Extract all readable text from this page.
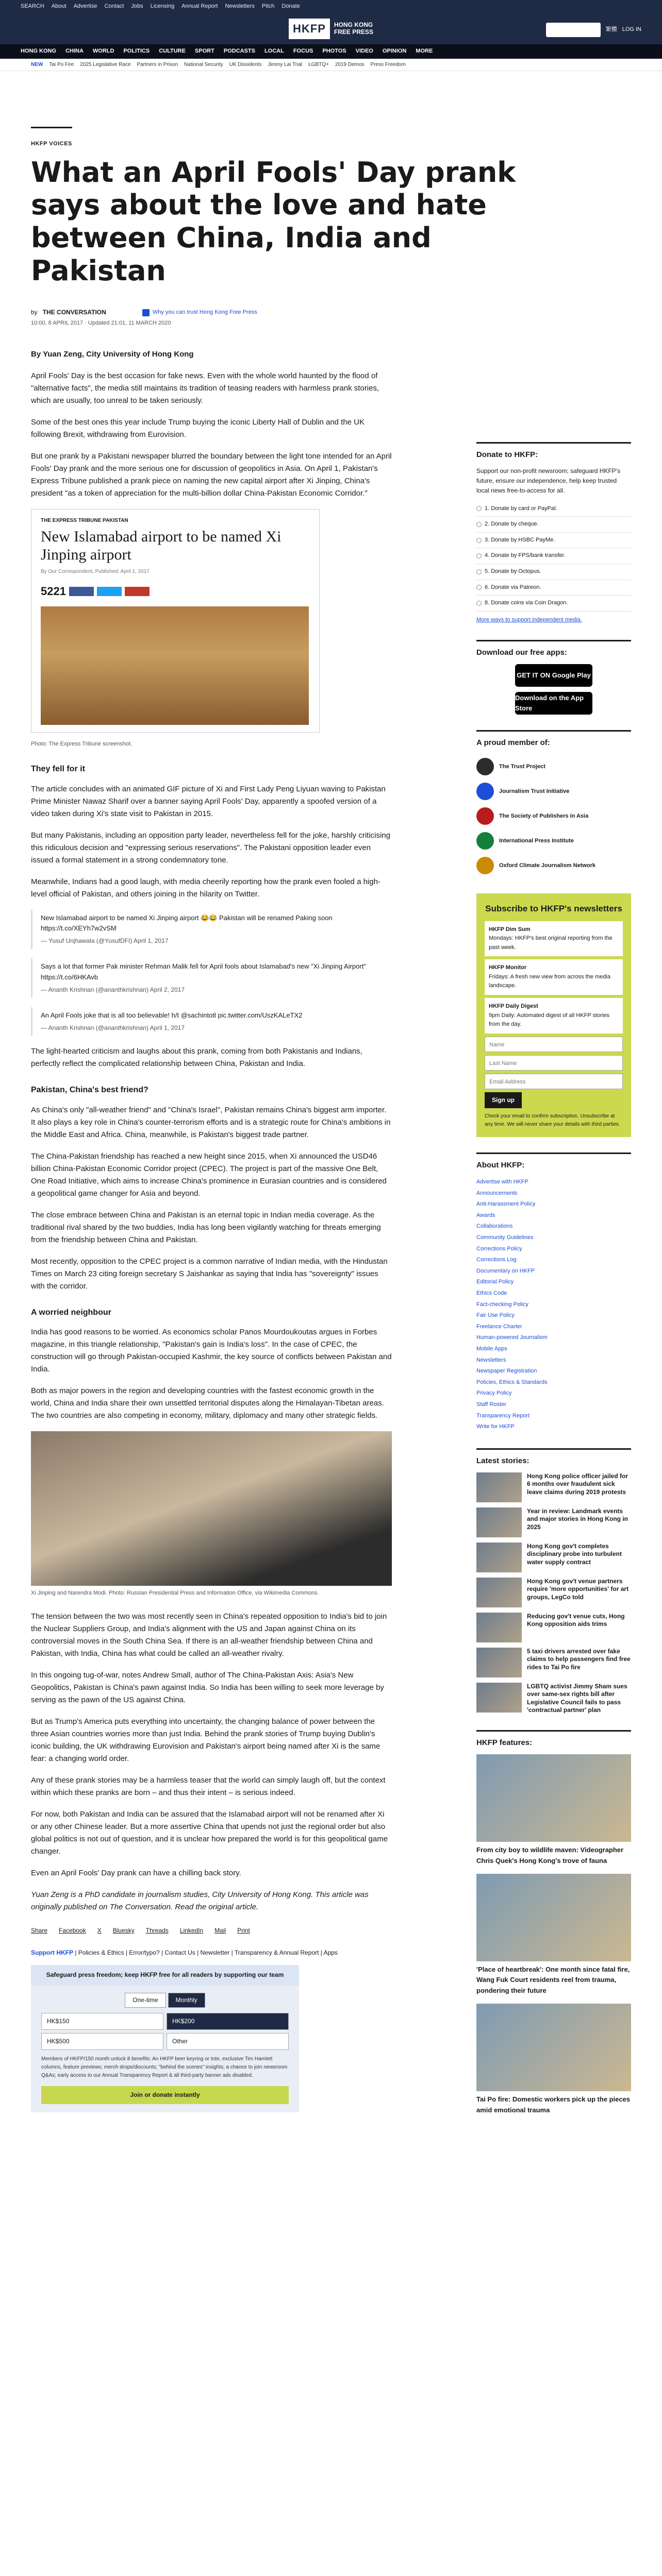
SEARCH About Advertise Contact Jobs Licensing Annual Report Newsletters Pitch Donate
HKFP	HONG KONG
FREE PRESS	SUPPORT HKFP	繁體 LOG IN
HONG KONG CHINA WORLD POLITICS CULTURE SPORT PODCASTS LOCAL FOCUS PHOTOS VIDEO OPINION MORE
NEW Tai Po Fire 2025 Legislative Race Partners in Prison National Security UK Dissidents Jimmy Lai Trial LGBTQ+ 2019 Demos Press Freedom
HKFP VOICES
What an April Fools' Day prank says about the love and hate between China, India and Pakistan
by THE CONVERSATION	Why you can trust Hong Kong Free Press
10:00, 8 APRIL 2017 · Updated 21:01, 11 MARCH 2020

By Yuan Zeng, City University of Hong Kong

April Fools' Day is the best occasion for fake news. Even with the whole world haunted by the flood of "alternative facts", the media still maintains its tradition of teasing readers with harmless prank stories, which are usually, too unreal to be taken seriously.

Some of the best ones this year include Trump buying the iconic Liberty Hall of Dublin and the UK following Brexit, withdrawing from Eurovision.

But one prank by a Pakistani newspaper blurred the boundary between the light tone intended for an April Fools' Day prank and the more serious one for discussion of geopolitics in Asia. On April 1, Pakistan's Express Tribune published a prank piece on naming the new capital airport after Xi Jinping, China's president "as a token of appreciation for the multi-billion dollar China-Pakistan Economic Corridor."

THE EXPRESS TRIBUNE PAKISTAN
New Islamabad airport to be named Xi Jinping airport
By Our Correspondent, Published: April 1, 2017
5221
Photo: The Express Tribune screenshot.
They fell for it

The article concludes with an animated GIF picture of Xi and First Lady Peng Liyuan waving to Pakistan Prime Minister Nawaz Sharif over a banner saying April Fools' Day, apparently a spoofed version of a video taken during Xi's state visit to Pakistan in 2015.

But many Pakistanis, including an opposition party leader, nevertheless fell for the joke, harshly criticising this ridiculous decision and "expressing serious reservations". The Pakistani opposition leader even issued a formal statement in a strong condemnatory tone.

Meanwhile, Indians had a good laugh, with media cheerily reporting how the prank even fooled a high-level official of Pakistan, and others joining in the hilarity on Twitter.

New Islamabad airport to be named Xi Jinping airport 😂😂 Pakistan will be renamed Paking soon https://t.co/XEYh7w2vSM
— Yusuf Unjhawala (@YusufDFI) April 1, 2017
Says a lot that former Pak minister Rehman Malik fell for April fools about Islamabad's new "Xi Jinping Airport" https://t.co/6HKAvb
— Ananth Krishnan (@ananthkrishnan) April 2, 2017
An April Fools joke that is all too believable! h/t @sachintotl pic.twitter.com/UszKALeTX2
— Ananth Krishnan (@ananthkrishnan) April 1, 2017

The light-hearted criticism and laughs about this prank, coming from both Pakistanis and Indians, perfectly reflect the complicated relationship between China, Pakistan and India.

Pakistan, China's best friend?

As China's only "all-weather friend" and "China's Israel", Pakistan remains China's biggest arm importer. It also plays a key role in China's counter-terrorism efforts and is a strategic route for China's ambitions in the Middle East and Africa. China, meanwhile, is Pakistan's biggest trade partner.

The China-Pakistan friendship has reached a new height since 2015, when Xi announced the USD46 billion China-Pakistan Economic Corridor project (CPEC). The project is part of the massive One Belt, One Road Initiative, which aims to increase China's prominence in Eurasian countries and is considered a geopolitical game changer for Asia and beyond.

The close embrace between China and Pakistan is an eternal topic in Indian media coverage. As the traditional rival shared by the two buddies, India has long been vigilantly watching for threats emerging from the friendship between China and Pakistan.

Most recently, opposition to the CPEC project is a common narrative of Indian media, with the Hindustan Times on March 23 citing foreign secretary S Jaishankar as saying that India has "sovereignty" issues with the corridor.

A worried neighbour

India has good reasons to be worried. As economics scholar Panos Mourdoukoutas argues in Forbes magazine, in this triangle relationship, "Pakistan's gain is India's loss". In the case of CPEC, the construction will go through Pakistan-occupied Kashmir, the key source of conflicts between Pakistan and India.

Both as major powers in the region and developing countries with the fastest economic growth in the world, China and India share their own unsettled territorial disputes along the Himalayan-Tibetan areas. The two countries are also competing in economy, military, diplomacy and many other strategic fields.

Xi Jinping and Narendra Modi. Photo: Russian Presidential Press and Information Office, via Wikimedia Commons.

The tension between the two was most recently seen in China's repeated opposition to India's bid to join the Nuclear Suppliers Group, and India's alignment with the US and Japan against China on its controversial moves in the South China Sea. If there is an all-weather friendship between China and Pakistan, with India, China has what could be called an all-weather rivalry.

In this ongoing tug-of-war, notes Andrew Small, author of The China-Pakistan Axis: Asia's New Geopolitics, Pakistan is China's pawn against India. So India has been willing to seek more leverage by serving as the pawn of the US against China.

But as Trump's America puts everything into uncertainty, the changing balance of power between the three Asian countries worries more than just India. Behind the prank stories of Trump buying Dublin's iconic building, the UK withdrawing Eurovision and Pakistan's airport being named after Xi is the same fear: a changing world order.

Any of these prank stories may be a harmless teaser that the world can simply laugh off, but the context within which these pranks are born – and thus their intent – is serious indeed.

For now, both Pakistan and India can be assured that the Islamabad airport will not be renamed after Xi or any other Chinese leader. But a more assertive China that upends not just the regional order but also global politics is not out of question, and it is unclear how prepared the world is for this geopolitical game changer.

Even an April Fools' Day prank can have a chilling back story.

Yuan Zeng is a PhD candidate in journalism studies, City University of Hong Kong. This article was originally published on The Conversation. Read the original article.

Share Facebook X Bluesky Threads LinkedIn Mail Print
Support HKFP | Policies & Ethics | Error/typo? | Contact Us | Newsletter | Transparency & Annual Report | Apps
Safeguard press freedom; keep HKFP free for all readers by supporting our team
One-time	Monthly
HK$150	HK$200
HK$500	Other
Members of HKFP/150 month unlock 8 benefits: An HKFP beer keyring or tote, exclusive Tim Hamlett columns, feature previews; merch drops/discounts; "behind the scenes" insights; a chance to join newsroom Q&As; early access to our Annual Transparency Report & all third-party banner ads disabled.
Join or donate instantly
Donate to HKFP:

Support our non-profit newsroom; safeguard HKFP's future, ensure our independence, help keep trusted local news free-to-access for all.

1. Donate by card or PayPal.
2. Donate by cheque.
3. Donate by HSBC PayMe.
4. Donate by FPS/bank transfer.
5. Donate by Octopus.
6. Donate via Patreon.
8. Donate coins via Coin Dragon.

More ways to support independent media.

Download our free apps:
GET IT ON Google Play
Download on the App Store
A proud member of:
The Trust Project
Journalism Trust Initiative
The Society of Publishers in Asia
International Press Institute
Oxford Climate Journalism Network
Subscribe to HKFP's newsletters
HKFP Dim Sum
Mondays: HKFP's best original reporting from the past week.
HKFP Monitor
Fridays: A fresh new view from across the media landscape.
HKFP Daily Digest
9pm Daily: Automated digest of all HKFP stories from the day.
Name
Last Name
Email Address
Sign up

Check your email to confirm subscription. Unsubscribe at any time. We will never share your details with third parties.

About HKFP:
Advertise with HKFP
Announcements
Anti-Harassment Policy
Awards
Collaborations
Community Guidelines
Corrections Policy
Corrections Log
Documentary on HKFP
Editorial Policy
Ethics Code
Fact-checking Policy
Fair Use Policy
Freelance Charter
Human-powered Journalism
Mobile Apps
Newsletters
Newspaper Registration
Policies, Ethics & Standards
Privacy Policy
Staff Roster
Transparency Report
Write for HKFP
Latest stories:
Hong Kong police officer jailed for 6 months over fraudulent sick leave claims during 2019 protests
Year in review: Landmark events and major stories in Hong Kong in 2025
Hong Kong gov't completes disciplinary probe into turbulent water supply contract
Hong Kong gov't venue partners require 'more opportunities' for art groups, LegCo told
Reducing gov't venue cuts, Hong Kong opposition aids trims
5 taxi drivers arrested over fake claims to help passengers find free rides to Tai Po fire
LGBTQ activist Jimmy Sham sues over same-sex rights bill after Legislative Council fails to pass 'contractual partner' plan
HKFP features:
From city boy to wildlife maven: Videographer Chris Quek's Hong Kong's trove of fauna
'Place of heartbreak': One month since fatal fire, Wang Fuk Court residents reel from trauma, pondering their future
Tai Po fire: Domestic workers pick up the pieces amid emotional trauma
